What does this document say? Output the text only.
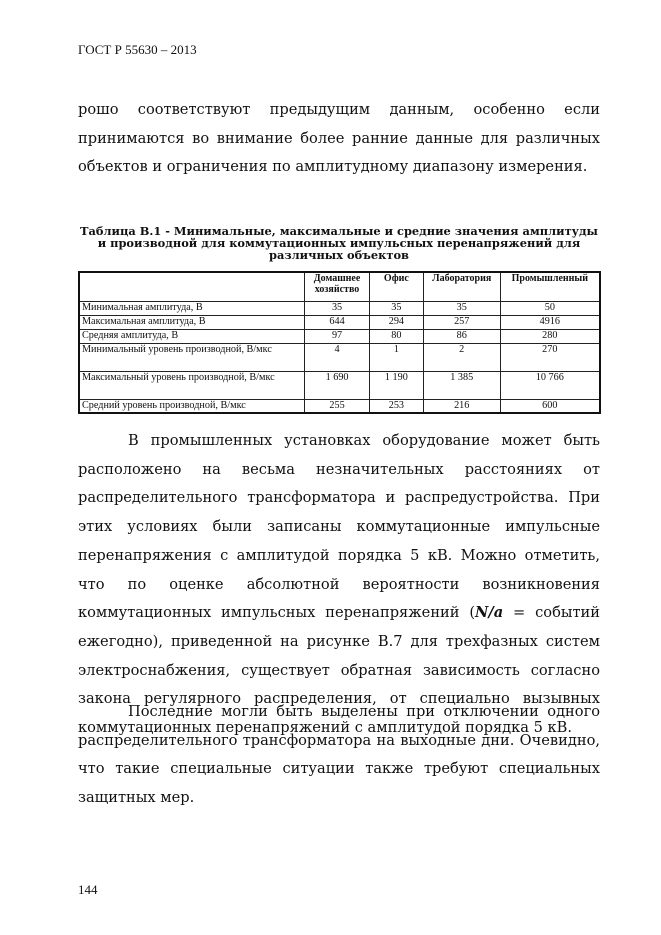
ГОСТ Р 55630 – 2013

рошо соответствуют предыдущим данным, особенно если принимаются во внимание более ранние данные для различных объектов и ограничения по амплитудному диапазону измерения.

Таблица В.1 - Минимальные, максимальные и средние значения амплитуды и производной для коммутационных импульсных перенапряжений для различных объектов
	Домашнее хозяйство	Офис	Лаборатория	Промышленный
Минимальная амплитуда, В	35	35	35	50
Максимальная амплитуда, В	644	294	257	4916
Средняя амплитуда, В	97	80	86	280
Минимальный уровень производной, В/мкс	4	1	2	270
Максимальный уровень производной, В/мкс	1 690	1 190	1 385	10 766
Средний уровень производной, В/мкс	255	253	216	600

В промышленных установках оборудование может быть расположено на весьма незначительных расстояниях от распределительного трансформатора и распредустройства. При этих условиях были записаны коммутационные импульсные перенапряжения с амплитудой порядка 5 кВ. Можно отметить, что по оценке абсолютной вероятности возникновения коммутационных импульсных перенапряжений (N/a = событий ежегодно), приведенной на рисунке В.7 для трехфазных систем электроснабжения, существует обратная зависимость согласно закона регулярного распределения, от специально вызывных коммутационных перенапряжений с амплитудой порядка 5 кВ.

Последние могли быть выделены при отключении одного распределительного трансформатора на выходные дни. Очевидно, что такие специальные ситуации также требуют специальных защитных мер.

144
